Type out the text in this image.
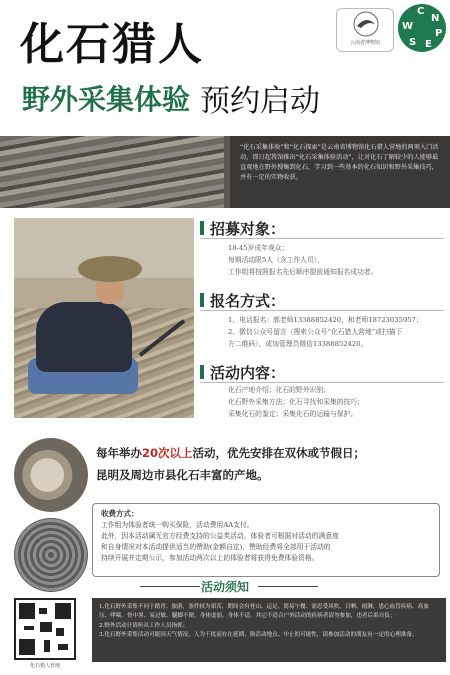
化石猎人
野外采集体验 预约启动
云南省博物馆
C
N
P
E
S
W

“化石采集体验”和“化石探索”是云南省博物馆化石猎人营地的两项入门活动，即日起我馆推出“化石采集体验活动”，让对化石了解较少的人能够最直观地在野外搜集到化石，学习到一些基本的化石知识和野外采集技巧，并有一定的实物收获。

招募对象：
18-45岁成年观众；
每期活动限5人（含工作人员），
工作组将按照报名先后顺序提前通知报名成功者。
报名方式：
1、电话报名：郭老师13388852420，和老师18723035957；
2、微信公众号留言（搜索公众号“化石猎人营地”或扫描下
方二维码），或加管理员微信13388852420。
活动内容：
化石产地介绍；化石的野外识别；
化石野外采集方法；化石寻找和采集的技巧；
采集化石的鉴定；采集化石的运输与保护。
每年举办20次以上活动，优先安排在双休或节假日；
昆明及周边市县化石丰富的产地。
收费方式：
工作组为体验者统一购买保险，活动费用AA支付。
此外，因本活动属无官方经费支持的公益类活动，体验者可根据对活动的满意度
和自身情况对本活动提供适当的赞助(金额自定)，赞助经费将全部用于活动的
持续开展并定期公示，参加活动两次以上的体验者将获得免费体验资格。
活动须知
化石猎人营地

1.化石野外采集不同于踏青、旅游，条件较为艰苦，期间会有登山、运足、简易午餐、需忍受风吹、日晒、雨淋，患心血管疾病、高血压、哮喘、骨中暑、易过敏、腿脚不便、身体虚弱、身体不适、其它不适合户外活动的疾病者请勿参加，违者后果自负；

2.野外活动计请听从工作人员指挥；

3.化石野外采集活动可能因天气情况、人为干扰而存在延期、换活动地点、中止的可能性，请参加活动的朋友有一定的心理准备。
